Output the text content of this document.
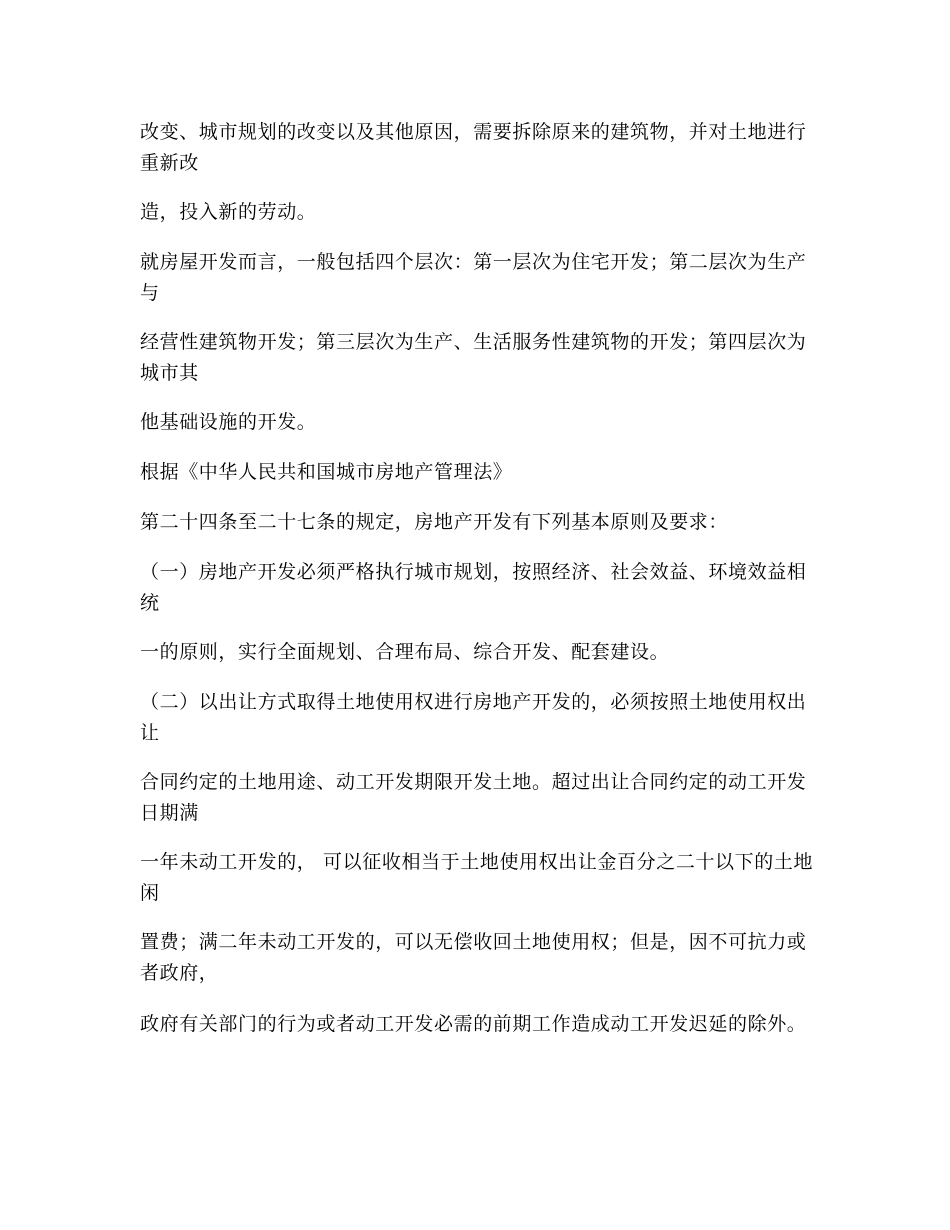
改变、城市规划的改变以及其他原因，需要拆除原来的建筑物，并对土地进行重新改

造，投入新的劳动。

就房屋开发而言，一般包括四个层次：第一层次为住宅开发；第二层次为生产与

经营性建筑物开发；第三层次为生产、生活服务性建筑物的开发；第四层次为城市其

他基础设施的开发。

根据《中华人民共和国城市房地产管理法》

第二十四条至二十七条的规定，房地产开发有下列基本原则及要求：

（一）房地产开发必须严格执行城市规划，按照经济、社会效益、环境效益相统

一的原则，实行全面规划、合理布局、综合开发、配套建设。

（二）以出让方式取得土地使用权进行房地产开发的，必须按照土地使用权出让

合同约定的土地用途、动工开发期限开发土地。超过出让合同约定的动工开发日期满

一年未动工开发的， 可以征收相当于土地使用权出让金百分之二十以下的土地闲

置费；满二年未动工开发的，可以无偿收回土地使用权；但是，因不可抗力或者政府，

政府有关部门的行为或者动工开发必需的前期工作造成动工开发迟延的除外。
